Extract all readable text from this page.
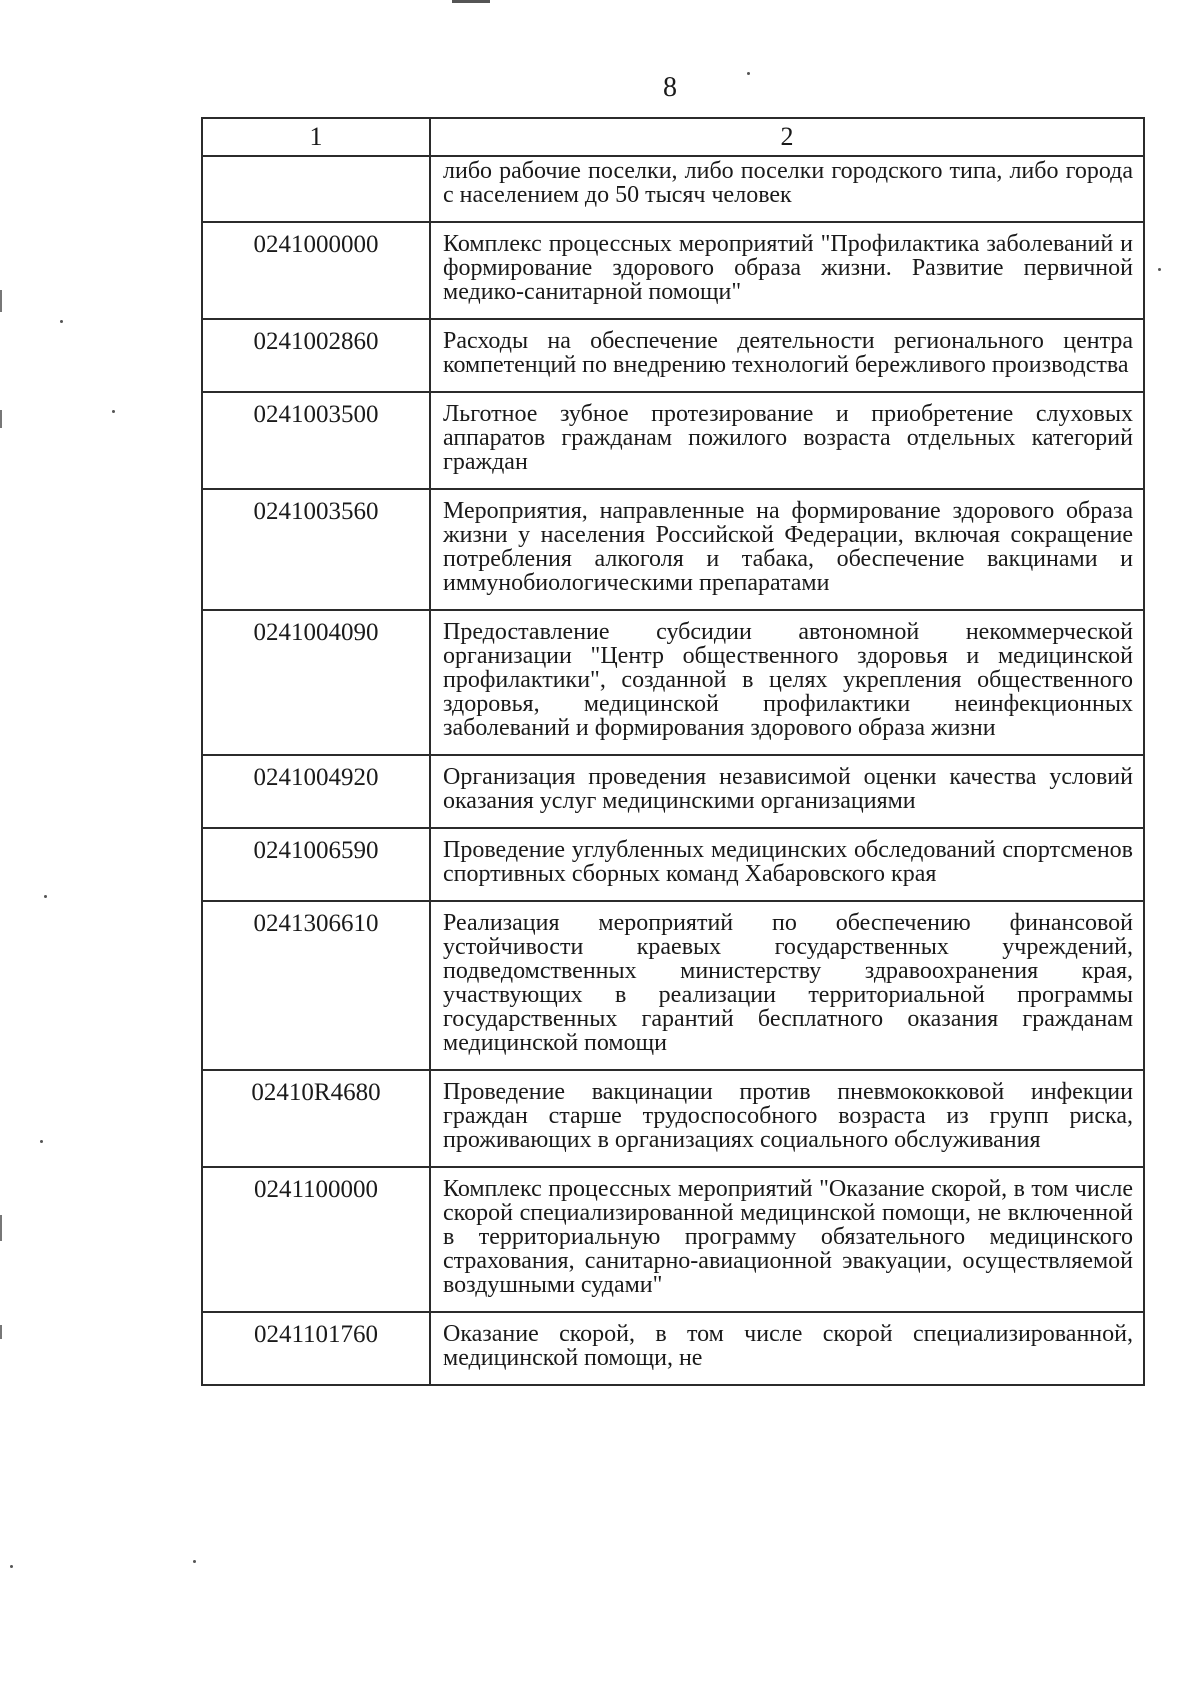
8
1	2
	либо рабочие поселки, либо поселки городского типа, либо города с населением до 50 тысяч человек
0241000000	Комплекс процессных мероприятий "Профилактика заболеваний и формирование здорового образа жизни. Развитие первичной медико-санитарной помощи"
0241002860	Расходы на обеспечение деятельности регионального центра компетенций по внедрению технологий бережливого производства
0241003500	Льготное зубное протезирование и приобретение слуховых аппаратов гражданам пожилого возраста отдельных категорий граждан
0241003560	Мероприятия, направленные на формирование здорового образа жизни у населения Российской Федерации, включая сокращение потребления алкоголя и табака, обеспечение вакцинами и иммунобиологическими препаратами
0241004090	Предоставление субсидии автономной некоммерческой организации "Центр общественного здоровья и медицинской профилактики", созданной в целях укрепления общественного здоровья, медицинской профилактики неинфекционных заболеваний и формирования здорового образа жизни
0241004920	Организация проведения независимой оценки качества условий оказания услуг медицинскими организациями
0241006590	Проведение углубленных медицинских обследований спортсменов спортивных сборных команд Хабаровского края
0241306610	Реализация мероприятий по обеспечению финансовой устойчивости краевых государственных учреждений, подведомственных министерству здравоохранения края, участвующих в реализации территориальной программы государственных гарантий бесплатного оказания гражданам медицинской помощи
02410R4680	Проведение вакцинации против пневмококковой инфекции граждан старше трудоспособного возраста из групп риска, проживающих в организациях социального обслуживания
0241100000	Комплекс процессных мероприятий "Оказание скорой, в том числе скорой специализированной медицинской помощи, не включенной в территориальную программу обязательного медицинского страхования, санитарно-авиационной эвакуации, осуществляемой воздушными судами"
0241101760	Оказание скорой, в том числе скорой специализированной, медицинской помощи, не
